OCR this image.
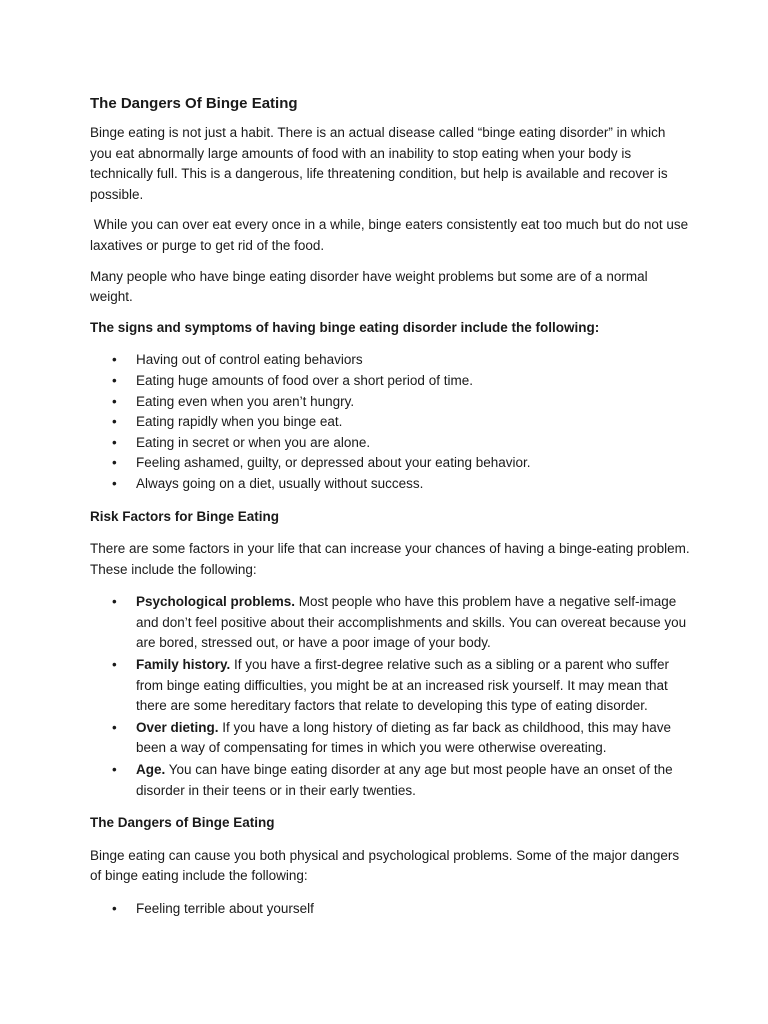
The Dangers Of Binge Eating

Binge eating is not just a habit. There is an actual disease called “binge eating disorder” in which you eat abnormally large amounts of food with an inability to stop eating when your body is technically full. This is a dangerous, life threatening condition, but help is available and recover is possible.

While you can over eat every once in a while, binge eaters consistently eat too much but do not use laxatives or purge to get rid of the food.

Many people who have binge eating disorder have weight problems but some are of a normal weight.

The signs and symptoms of having binge eating disorder include the following:

• Having out of control eating behaviors
• Eating huge amounts of food over a short period of time.
• Eating even when you aren’t hungry.
• Eating rapidly when you binge eat.
• Eating in secret or when you are alone.
• Feeling ashamed, guilty, or depressed about your eating behavior.
• Always going on a diet, usually without success.

Risk Factors for Binge Eating

There are some factors in your life that can increase your chances of having a binge-eating problem. These include the following:

• Psychological problems. Most people who have this problem have a negative self-image and don’t feel positive about their accomplishments and skills. You can overeat because you are bored, stressed out, or have a poor image of your body.
• Family history. If you have a first-degree relative such as a sibling or a parent who suffer from binge eating difficulties, you might be at an increased risk yourself. It may mean that there are some hereditary factors that relate to developing this type of eating disorder.
• Over dieting. If you have a long history of dieting as far back as childhood, this may have been a way of compensating for times in which you were otherwise overeating.
• Age. You can have binge eating disorder at any age but most people have an onset of the disorder in their teens or in their early twenties.

The Dangers of Binge Eating

Binge eating can cause you both physical and psychological problems. Some of the major dangers of binge eating include the following:

• Feeling terrible about yourself
